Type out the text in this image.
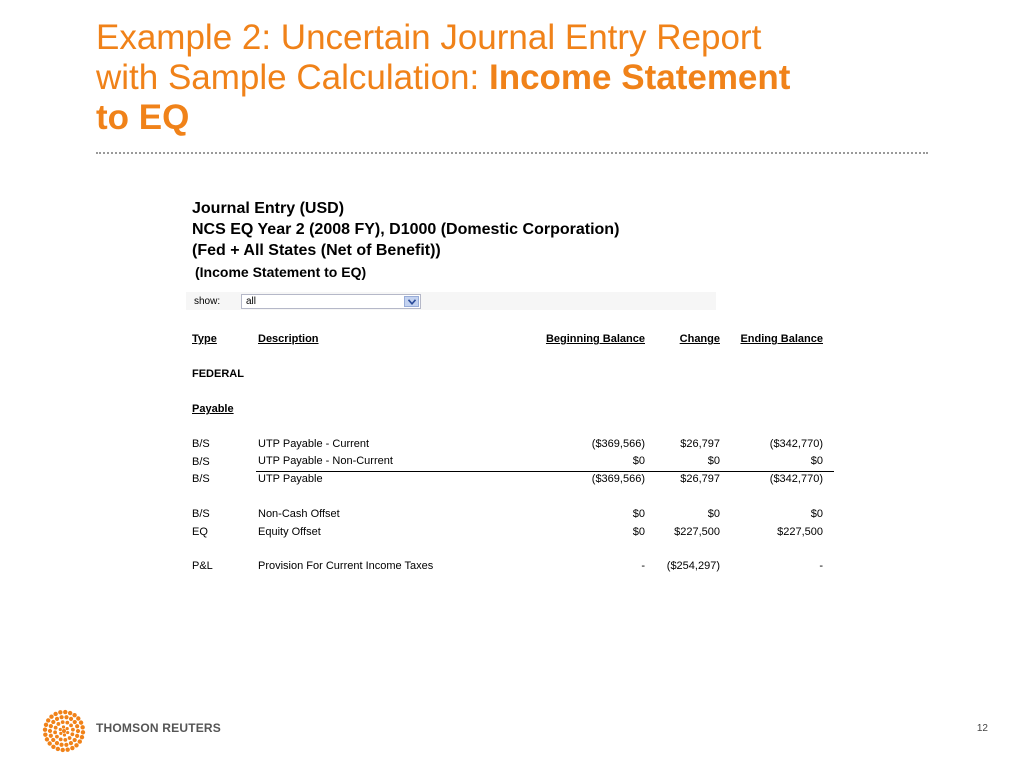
Example 2: Uncertain Journal Entry Report
with Sample Calculation: Income Statement
to EQ
Journal Entry (USD)
NCS EQ Year 2 (2008 FY), D1000 (Domestic Corporation)
(Fed + All States (Net of Benefit))
(Income Statement to EQ)
show:	all
Type	Description	Beginning Balance	Change	Ending Balance
FEDERAL
Payable
B/S	UTP Payable - Current	($369,566)	$26,797	($342,770)
B/S	UTP Payable - Non-Current	$0	$0	$0
B/S	UTP Payable	($369,566)	$26,797	($342,770)
B/S	Non-Cash Offset	$0	$0	$0
EQ	Equity Offset	$0	$227,500	$227,500
P&L	Provision For Current Income Taxes	-	($254,297)	-
THOMSON REUTERS	12
